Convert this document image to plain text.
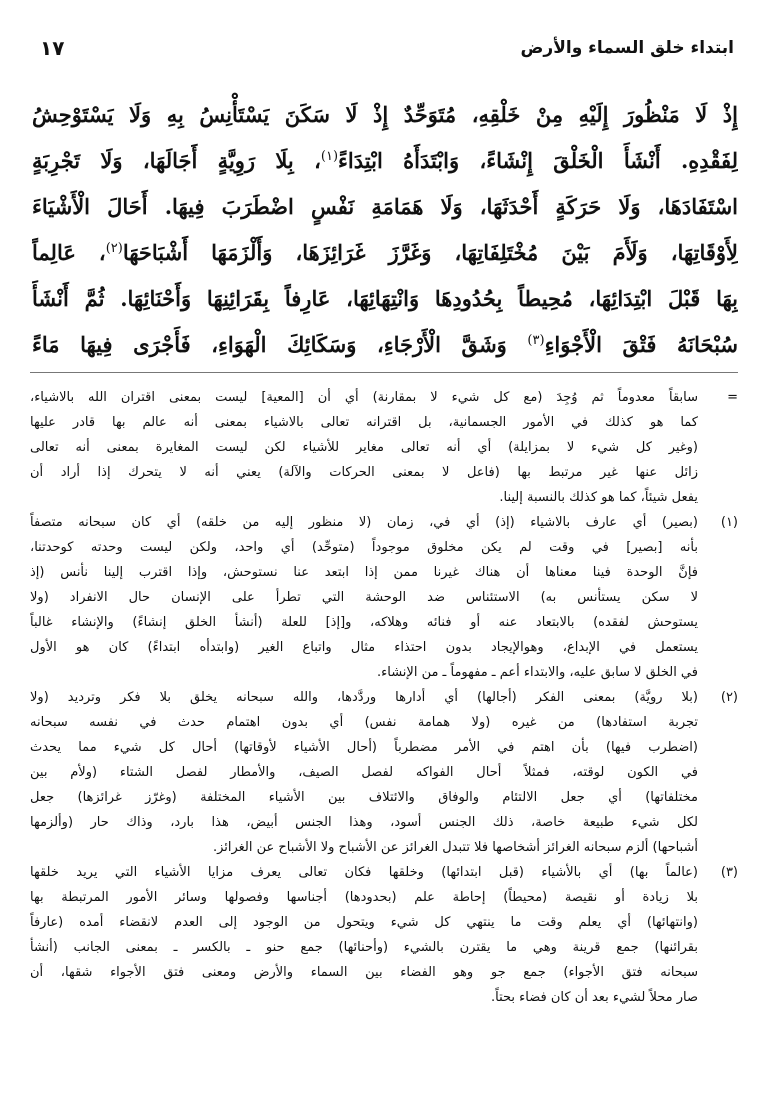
ابتداء خلق السماء والأرض
١٧
إِذْ لَا مَنْظُورَ إِلَيْهِ مِنْ خَلْقِهِ، مُتَوَحِّدٌ إِذْ لَا سَكَنَ يَسْتَأْنِسُ بِهِ وَلَا يَسْتَوْحِشُ
لِفَقْدِهِ. أَنْشَأَ الْخَلْقَ إِنْشَاءً، وَابْتَدَأَهُ ابْتِدَاءً$^{(١)}$، بِلَا رَوِيَّةٍ أَجَالَهَا، وَلَا تَجْرِبَةٍ
اسْتَفَادَهَا، وَلَا حَرَكَةٍ أَحْدَثَهَا، وَلَا هَمَامَةِ نَفْسٍ اضْطَرَبَ فِيهَا. أَحَالَ الْأَشْيَاءَ
لِأَوْقَاتِهَا، وَلَأَمَ بَيْنَ مُخْتَلِفَاتِهَا، وَغَرَّزَ غَرَائِزَهَا، وَأَلْزَمَهَا أَشْبَاحَهَا$^{(٢)}$، عَالِماً
بِهَا قَبْلَ ابْتِدَائِهَا، مُحِيطاً بِحُدُودِهَا وَانْتِهَائِهَا، عَارِفاً بِقَرَائِنِهَا وَأَحْنَائِهَا. ثُمَّ أَنْشَأَ
سُبْحَانَهُ فَتْقَ الْأَجْوَاءِ$^{(٣)}$ وَشَقَّ الْأَرْجَاءِ، وَسَكَائِكَ الْهَوَاءِ، فَأَجْرَى فِيهَا مَاءً
=
سابقاً معدوماً ثم وُجِدَ (مع كل شيء لا بمقارنة) أي أن [المعية] ليست بمعنى اقتران الله بالاشياء،
كما هو كذلك في الأمور الجسمانية، بل اقترانه تعالى بالاشياء بمعنى أنه عالم بها قادر عليها
(وغير كل شيء لا بمزايلة) أي أنه تعالى مغاير للأشياء لكن ليست المغايرة بمعنى أنه تعالى
زائل عنها غير مرتبط بها (فاعل لا بمعنى الحركات والآلة) يعني أنه لا يتحرك إذا أراد أن
يفعل شيئاً، كما هو كذلك بالنسبة إلينا.
(١)
(بصير) أي عارف بالاشياء (إذ) أي في، زمان (لا منظور إليه من خلقه) أي كان سبحانه متصفاً
بأنه [بصير] في وقت لم يكن مخلوق موجوداً (متوحِّد) أي واحد، ولكن ليست وحدته كوحدتنا،
فإنَّ الوحدة فينا معناها أن هناك غيرنا ممن إذا ابتعد عنا نستوحش، وإذا اقترب إلينا نأنس (إذ
لا سكن يستأنس به) الاستئناس ضد الوحشة التي تطرأ على الإنسان حال الانفراد (ولا
يستوحش لفقده) بالابتعاد عنه أو فنائه وهلاكه، و[إذ] للعلة (أنشأ الخلق إنشاءً) والإنشاء غالباً
يستعمل في الإبداع، وهوالإيجاد بدون احتذاء مثال واتباع الغير (وابتدأه ابتداءً) كان هو الأول
في الخلق لا سابق عليه، والابتداء أعم ـ مفهوماً ـ من الإنشاء.
(٢)
(بلا رويَّة) بمعنى الفكر (أجالها) أي أدارها وردَّدها، والله سبحانه يخلق بلا فكر وترديد (ولا
تجربة استفادها) من غيره (ولا همامة نفس) أي بدون اهتمام حدث في نفسه سبحانه
(اضطرب فيها) بأن اهتم في الأمر مضطرباً (أحال الأشياء لأوقاتها) أحال كل شيء مما يحدث
في الكون لوقته، فمثلاً أحال الفواكه لفصل الصيف، والأمطار لفصل الشتاء (ولأم بين
مختلفاتها) أي جعل الالتئام والوفاق والائتلاف بين الأشياء المختلفة (وغرّز غرائزها) جعل
لكل شيء طبيعة خاصة، ذلك الجنس أسود، وهذا الجنس أبيض، هذا بارد، وذاك حار (وألزمها
أشباحها) ألزم سبحانه الغرائز أشخاصها فلا تتبدل الغرائز عن الأشباح ولا الأشباح عن الغرائز.
(٣)
(عالماً بها) أي بالأشياء (قبل ابتدائها) وخلقها فكان تعالى يعرف مزايا الأشياء التي يريد خلقها
بلا زيادة أو نقيصة (محيطاً) إحاطة علم (بحدودها) أجناسها وفصولها وسائر الأمور المرتبطة بها
(وانتهائها) أي يعلم وقت ما ينتهي كل شيء ويتحول من الوجود إلى العدم لانقضاء أمده (عارفاً
بقرائنها) جمع قرينة وهي ما يقترن بالشيء (وأحنائها) جمع حنو ـ بالكسر ـ بمعنى الجانب (أنشأ
سبحانه فتق الأجواء) جمع جو وهو الفضاء بين السماء والأرض ومعنى فتق الأجواء شقها، أن
صار محلاً لشيء بعد أن كان فضاء بحتاً.
